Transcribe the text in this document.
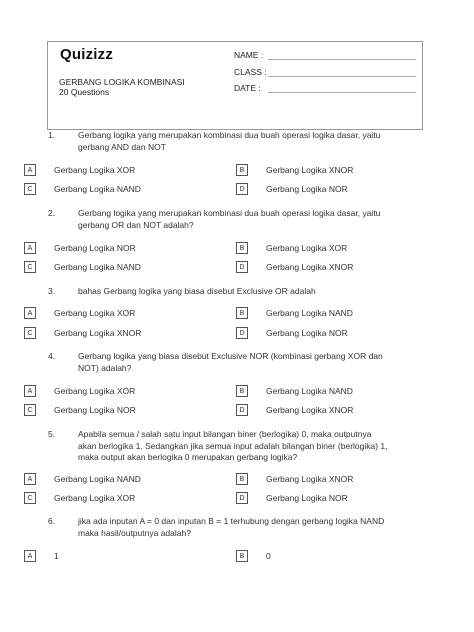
Quizizz
GERBANG LOGIKA KOMBINASI
20 Questions
NAME :
CLASS :
DATE :
1.	Gerbang logika yang merupakan kombinasi dua buah operasi logika dasar, yaitu
gerbang AND dan NOT
A	Gerbang Logika XOR	B	Gerbang Logika XNOR
C	Gerbang Logika NAND	D	Gerbang Logika NOR
2.	Gerbang logika yang merupakan kombinasi dua buah operasi logika dasar, yaitu
gerbang OR dan NOT adalah?
A	Gerbang Logika NOR	B	Gerbang Logika XOR
C	Gerbang Logika NAND	D	Gerbang Logika XNOR
3.	bahas Gerbang logika yang biasa disebut Exclusive OR adalah
A	Gerbang Logika XOR	B	Gerbang Logika NAND
C	Gerbang Logika XNOR	D	Gerbang Logika NOR
4.	Gerbang logika yang biasa disebut Exclusive NOR (kombinasi gerbang XOR dan
NOT) adalah?
A	Gerbang Logika XOR	B	Gerbang Logika NAND
C	Gerbang Logika NOR	D	Gerbang Logika XNOR
5.	Apabila semua / salah satu input bilangan biner (berlogika) 0, maka outputnya
akan berlogika 1. Sedangkan jika semua input adalah bilangan biner (berlogika) 1,
maka output akan berlogika 0 merupakan gerbang logika?
A	Gerbang Logika NAND	B	Gerbang Logika XNOR
C	Gerbang Logika XOR	D	Gerbang Logika NOR
6.	jika ada inputan A = 0 dan inputan B = 1 terhubung dengan gerbang logika NAND
maka hasil/outputnya adalah?
A	1	B	0
